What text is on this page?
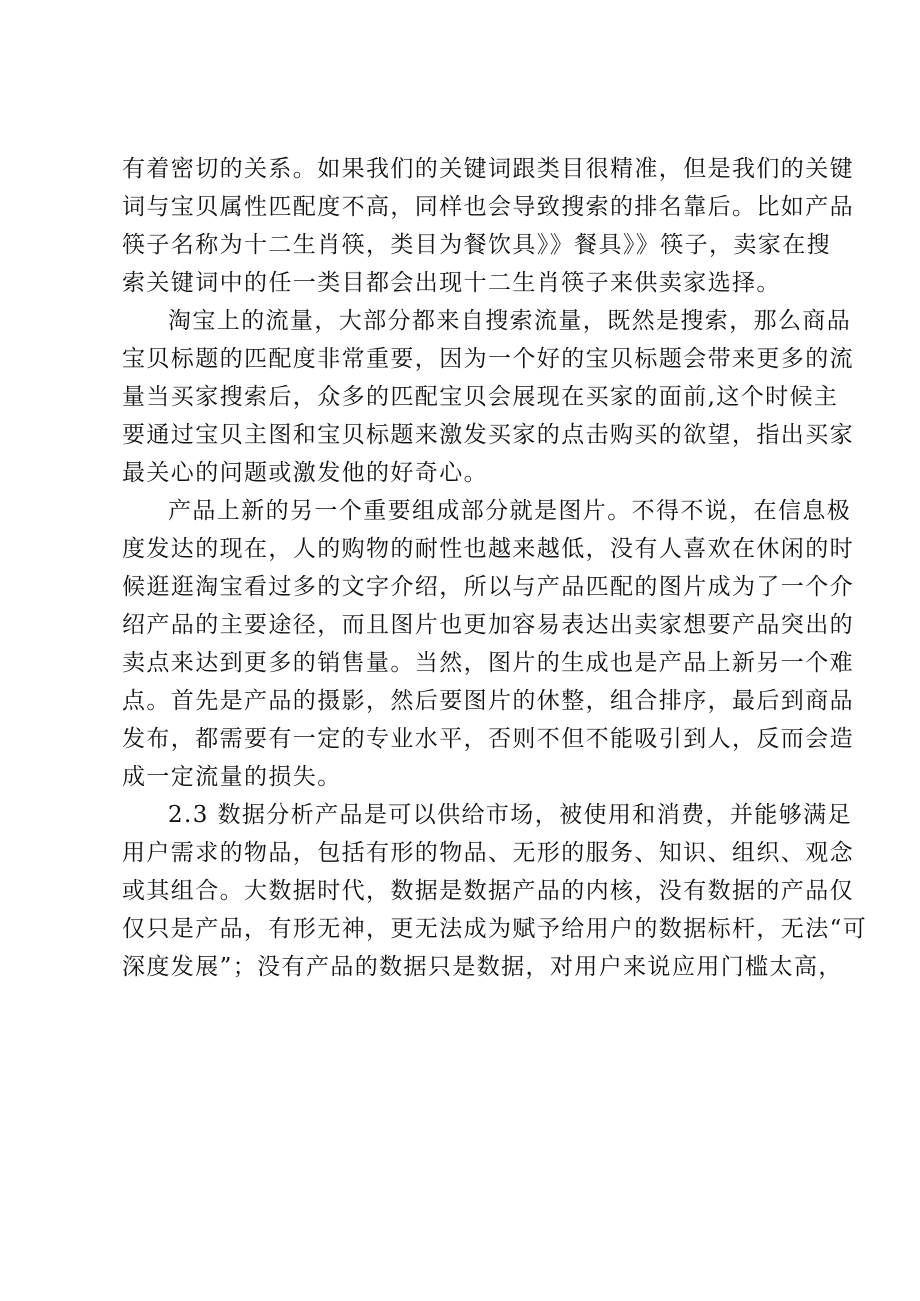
有着密切的关系。如果我们的关键词跟类目很精准，但是我们的关键
词与宝贝属性匹配度不高，同样也会导致搜索的排名靠后。比如产品
筷子名称为十二生肖筷，类目为餐饮具》》餐具》》筷子，卖家在搜
索关键词中的任一类目都会出现十二生肖筷子来供卖家选择。
淘宝上的流量，大部分都来自搜索流量，既然是搜索，那么商品
宝贝标题的匹配度非常重要，因为一个好的宝贝标题会带来更多的流
量当买家搜索后，众多的匹配宝贝会展现在买家的面前,这个时候主
要通过宝贝主图和宝贝标题来激发买家的点击购买的欲望，指出买家
最关心的问题或激发他的好奇心。
产品上新的另一个重要组成部分就是图片。不得不说，在信息极
度发达的现在，人的购物的耐性也越来越低，没有人喜欢在休闲的时
候逛逛淘宝看过多的文字介绍，所以与产品匹配的图片成为了一个介
绍产品的主要途径，而且图片也更加容易表达出卖家想要产品突出的
卖点来达到更多的销售量。当然，图片的生成也是产品上新另一个难
点。首先是产品的摄影，然后要图片的休整，组合排序，最后到商品
发布，都需要有一定的专业水平，否则不但不能吸引到人，反而会造
成一定流量的损失。
2.3 数据分析产品是可以供给市场，被使用和消费，并能够满足
用户需求的物品，包括有形的物品、无形的服务、知识、组织、观念
或其组合。大数据时代，数据是数据产品的内核，没有数据的产品仅
仅只是产品，有形无神，更无法成为赋予给用户的数据标杆，无法“可
深度发展”；没有产品的数据只是数据，对用户来说应用门槛太高，
